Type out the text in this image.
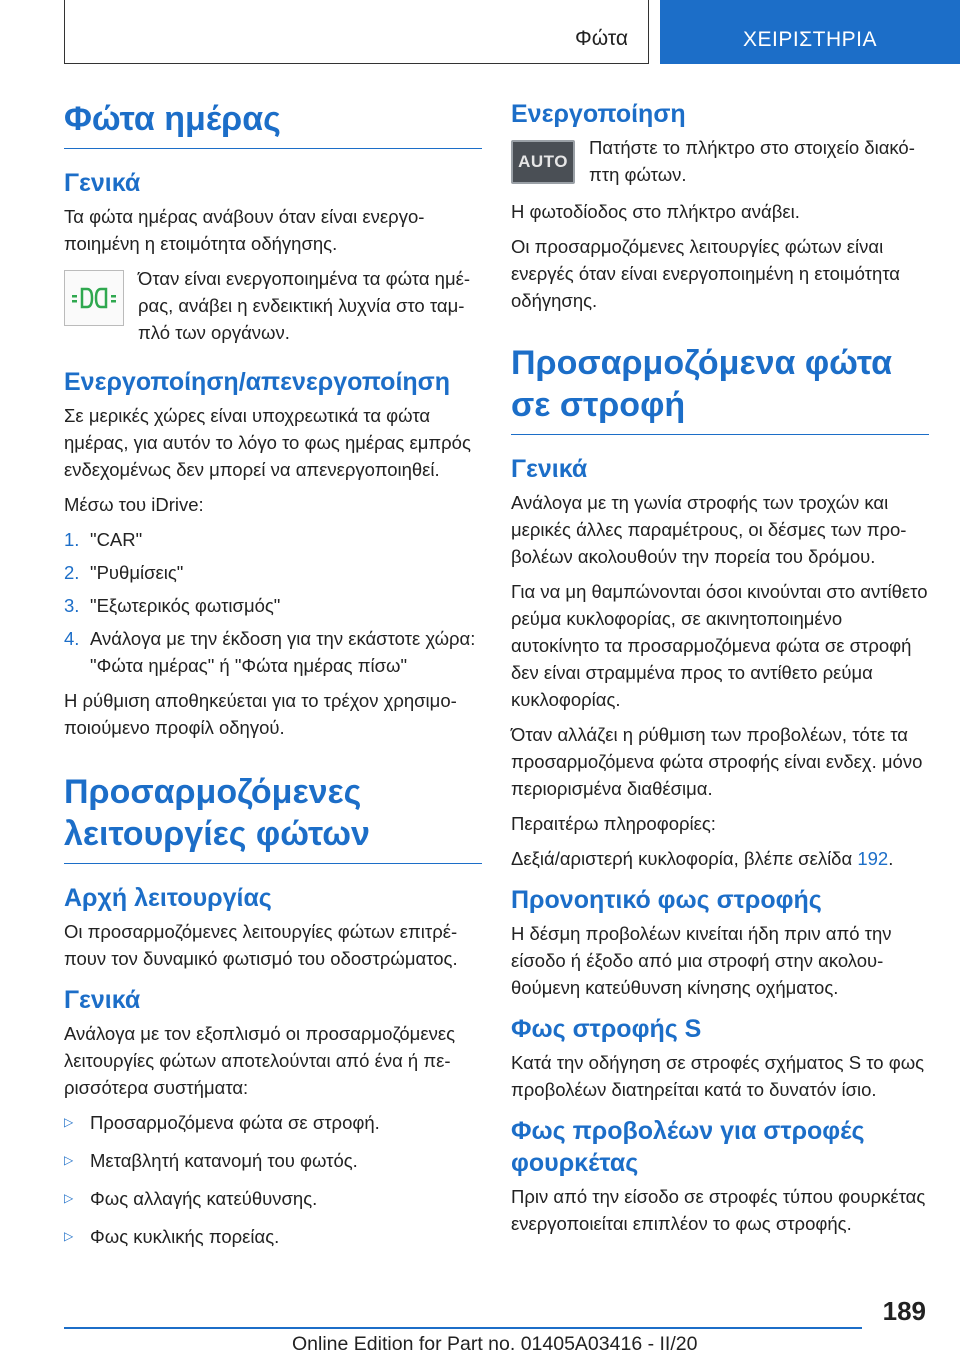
Φώτα	ΧΕΙΡΙΣΤΗΡΙΑ
Φώτα ημέρας
Γενικά

Τα φώτα ημέρας ανάβουν όταν είναι ενεργοποιημένη η ετοιμότητα οδήγησης.

Όταν είναι ενεργοποιημένα τα φώτα ημέρας, ανάβει η ενδεικτική λυχνία στο ταμπλό των οργάνων.

Ενεργοποίηση/απενεργοποίηση

Σε μερικές χώρες είναι υποχρεωτικά τα φώτα ημέρας, για αυτόν το λόγο το φως ημέρας εμπρός ενδεχομένως δεν μπορεί να απενεργοποιηθεί.

Μέσω του iDrive:

1. "CAR"
2. "Ρυθμίσεις"
3. "Εξωτερικός φωτισμός"
4. Ανάλογα με την έκδοση για την εκάστοτε χώρα: "Φώτα ημέρας" ή "Φώτα ημέρας πίσω"

Η ρύθμιση αποθηκεύεται για το τρέχον χρησιμοποιούμενο προφίλ οδηγού.

Προσαρμοζόμενες λειτουργίες φώτων
Αρχή λειτουργίας

Οι προσαρμοζόμενες λειτουργίες φώτων επιτρέπουν τον δυναμικό φωτισμό του οδοστρώματος.

Γενικά

Ανάλογα με τον εξοπλισμό οι προσαρμοζόμενες λειτουργίες φώτων αποτελούνται από ένα ή περισσότερα συστήματα:

▷ Προσαρμοζόμενα φώτα σε στροφή.
▷ Μεταβλητή κατανομή του φωτός.
▷ Φως αλλαγής κατεύθυνσης.
▷ Φως κυκλικής πορείας.
Ενεργοποίηση
AUTO

Πατήστε το πλήκτρο στο στοιχείο διακόπτη φώτων.

Η φωτοδίοδος στο πλήκτρο ανάβει.

Οι προσαρμοζόμενες λειτουργίες φώτων είναι ενεργές όταν είναι ενεργοποιημένη η ετοιμότητα οδήγησης.

Προσαρμοζόμενα φώτα σε στροφή
Γενικά

Ανάλογα με τη γωνία στροφής των τροχών και μερικές άλλες παραμέτρους, οι δέσμες των προβολέων ακολουθούν την πορεία του δρόμου.

Για να μη θαμπώνονται όσοι κινούνται στο αντίθετο ρεύμα κυκλοφορίας, σε ακινητοποιημένο αυτοκίνητο τα προσαρμοζόμενα φώτα σε στροφή δεν είναι στραμμένα προς το αντίθετο ρεύμα κυκλοφορίας.

Όταν αλλάζει η ρύθμιση των προβολέων, τότε τα προσαρμοζόμενα φώτα στροφής είναι ενδεχ. μόνο περιορισμένα διαθέσιμα.

Περαιτέρω πληροφορίες:

Δεξιά/αριστερή κυκλοφορία, βλέπε σελίδα 192.

Προνοητικό φως στροφής

Η δέσμη προβολέων κινείται ήδη πριν από την είσοδο ή έξοδο από μια στροφή στην ακολουθούμενη κατεύθυνση κίνησης οχήματος.

Φως στροφής S

Κατά την οδήγηση σε στροφές σχήματος S το φως προβολέων διατηρείται κατά το δυνατόν ίσιο.

Φως προβολέων για στροφές φουρκέτας

Πριν από την είσοδο σε στροφές τύπου φουρκέτας ενεργοποιείται επιπλέον το φως στροφής.

189
Online Edition for Part no. 01405A03416 - II/20
